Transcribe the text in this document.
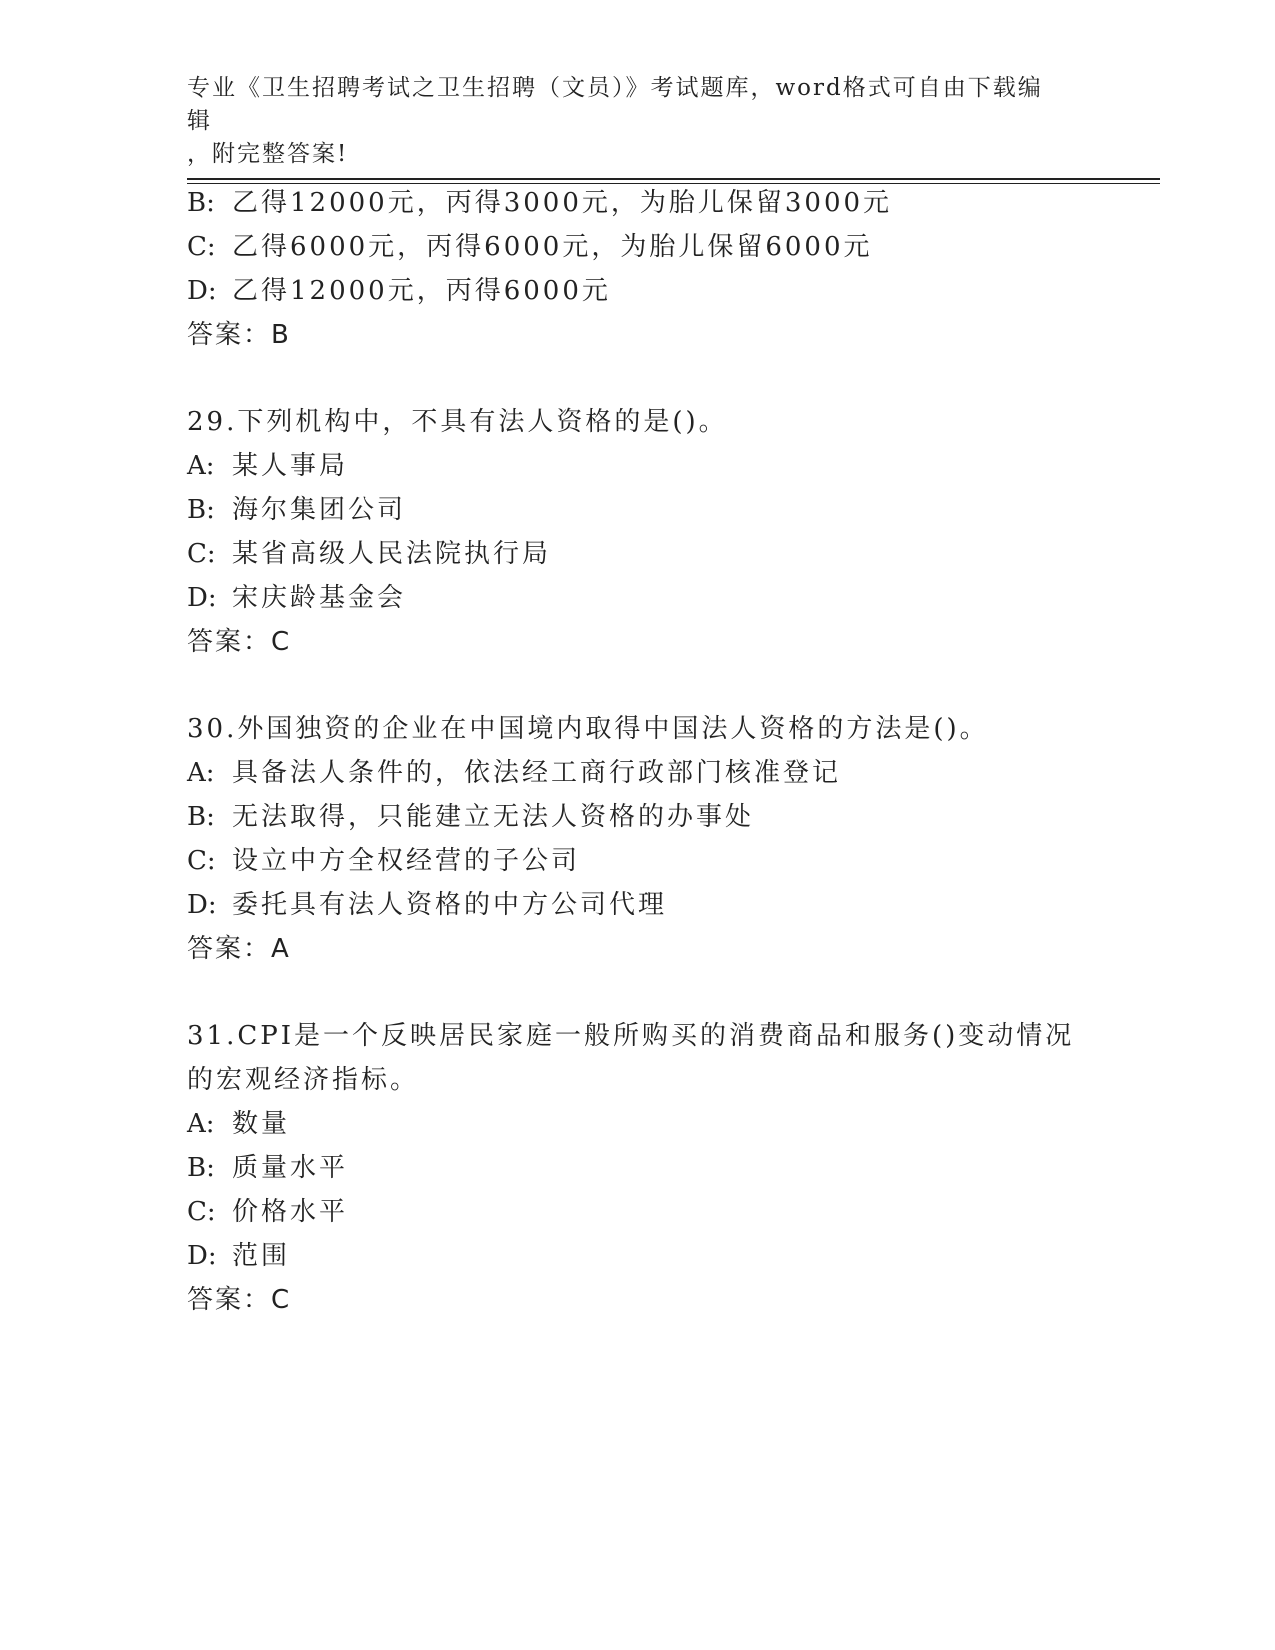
专业《卫生招聘考试之卫生招聘（文员）》考试题库，word格式可自由下载编辑
，附完整答案!
B: 乙得12000元，丙得3000元，为胎儿保留3000元
C: 乙得6000元，丙得6000元，为胎儿保留6000元
D: 乙得12000元，丙得6000元
答案：B
29.下列机构中，不具有法人资格的是()。
A: 某人事局
B: 海尔集团公司
C: 某省高级人民法院执行局
D: 宋庆龄基金会
答案：C
30.外国独资的企业在中国境内取得中国法人资格的方法是()。
A: 具备法人条件的，依法经工商行政部门核准登记
B: 无法取得，只能建立无法人资格的办事处
C: 设立中方全权经营的子公司
D: 委托具有法人资格的中方公司代理
答案：A
31.CPI是一个反映居民家庭一般所购买的消费商品和服务()变动情况
的宏观经济指标。
A: 数量
B: 质量水平
C: 价格水平
D: 范围
答案：C
